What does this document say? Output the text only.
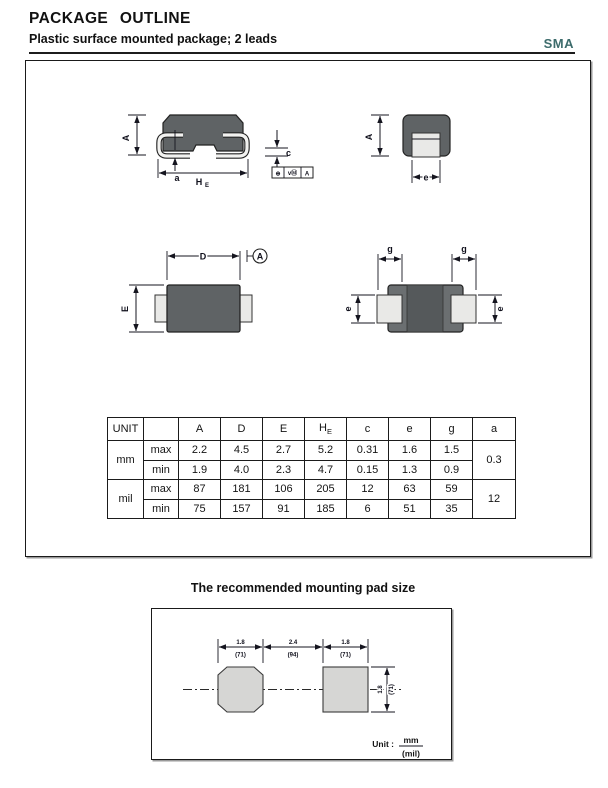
PACKAGE OUTLINE
Plastic surface mounted package; 2 leads	SMA
A
a H E
c
⊕ vⓂ A
A
e
D	A
E
g	g
e	e
UNIT		A	D	E	$H_E$	c	e	g	a
mm	max	2.2	4.5	2.7	5.2	0.31	1.6	1.5	0.3
	min	1.9	4.0	2.3	4.7	0.15	1.3	0.9	
mil	max	87	181	106	205	12	63	59	12
	min	75	157	91	185	6	51	35	
The recommended mounting pad size
1.8
(71)
2.4
(94)
1.8
(71)
1.8 (71)
Unit : mm
(mil)
